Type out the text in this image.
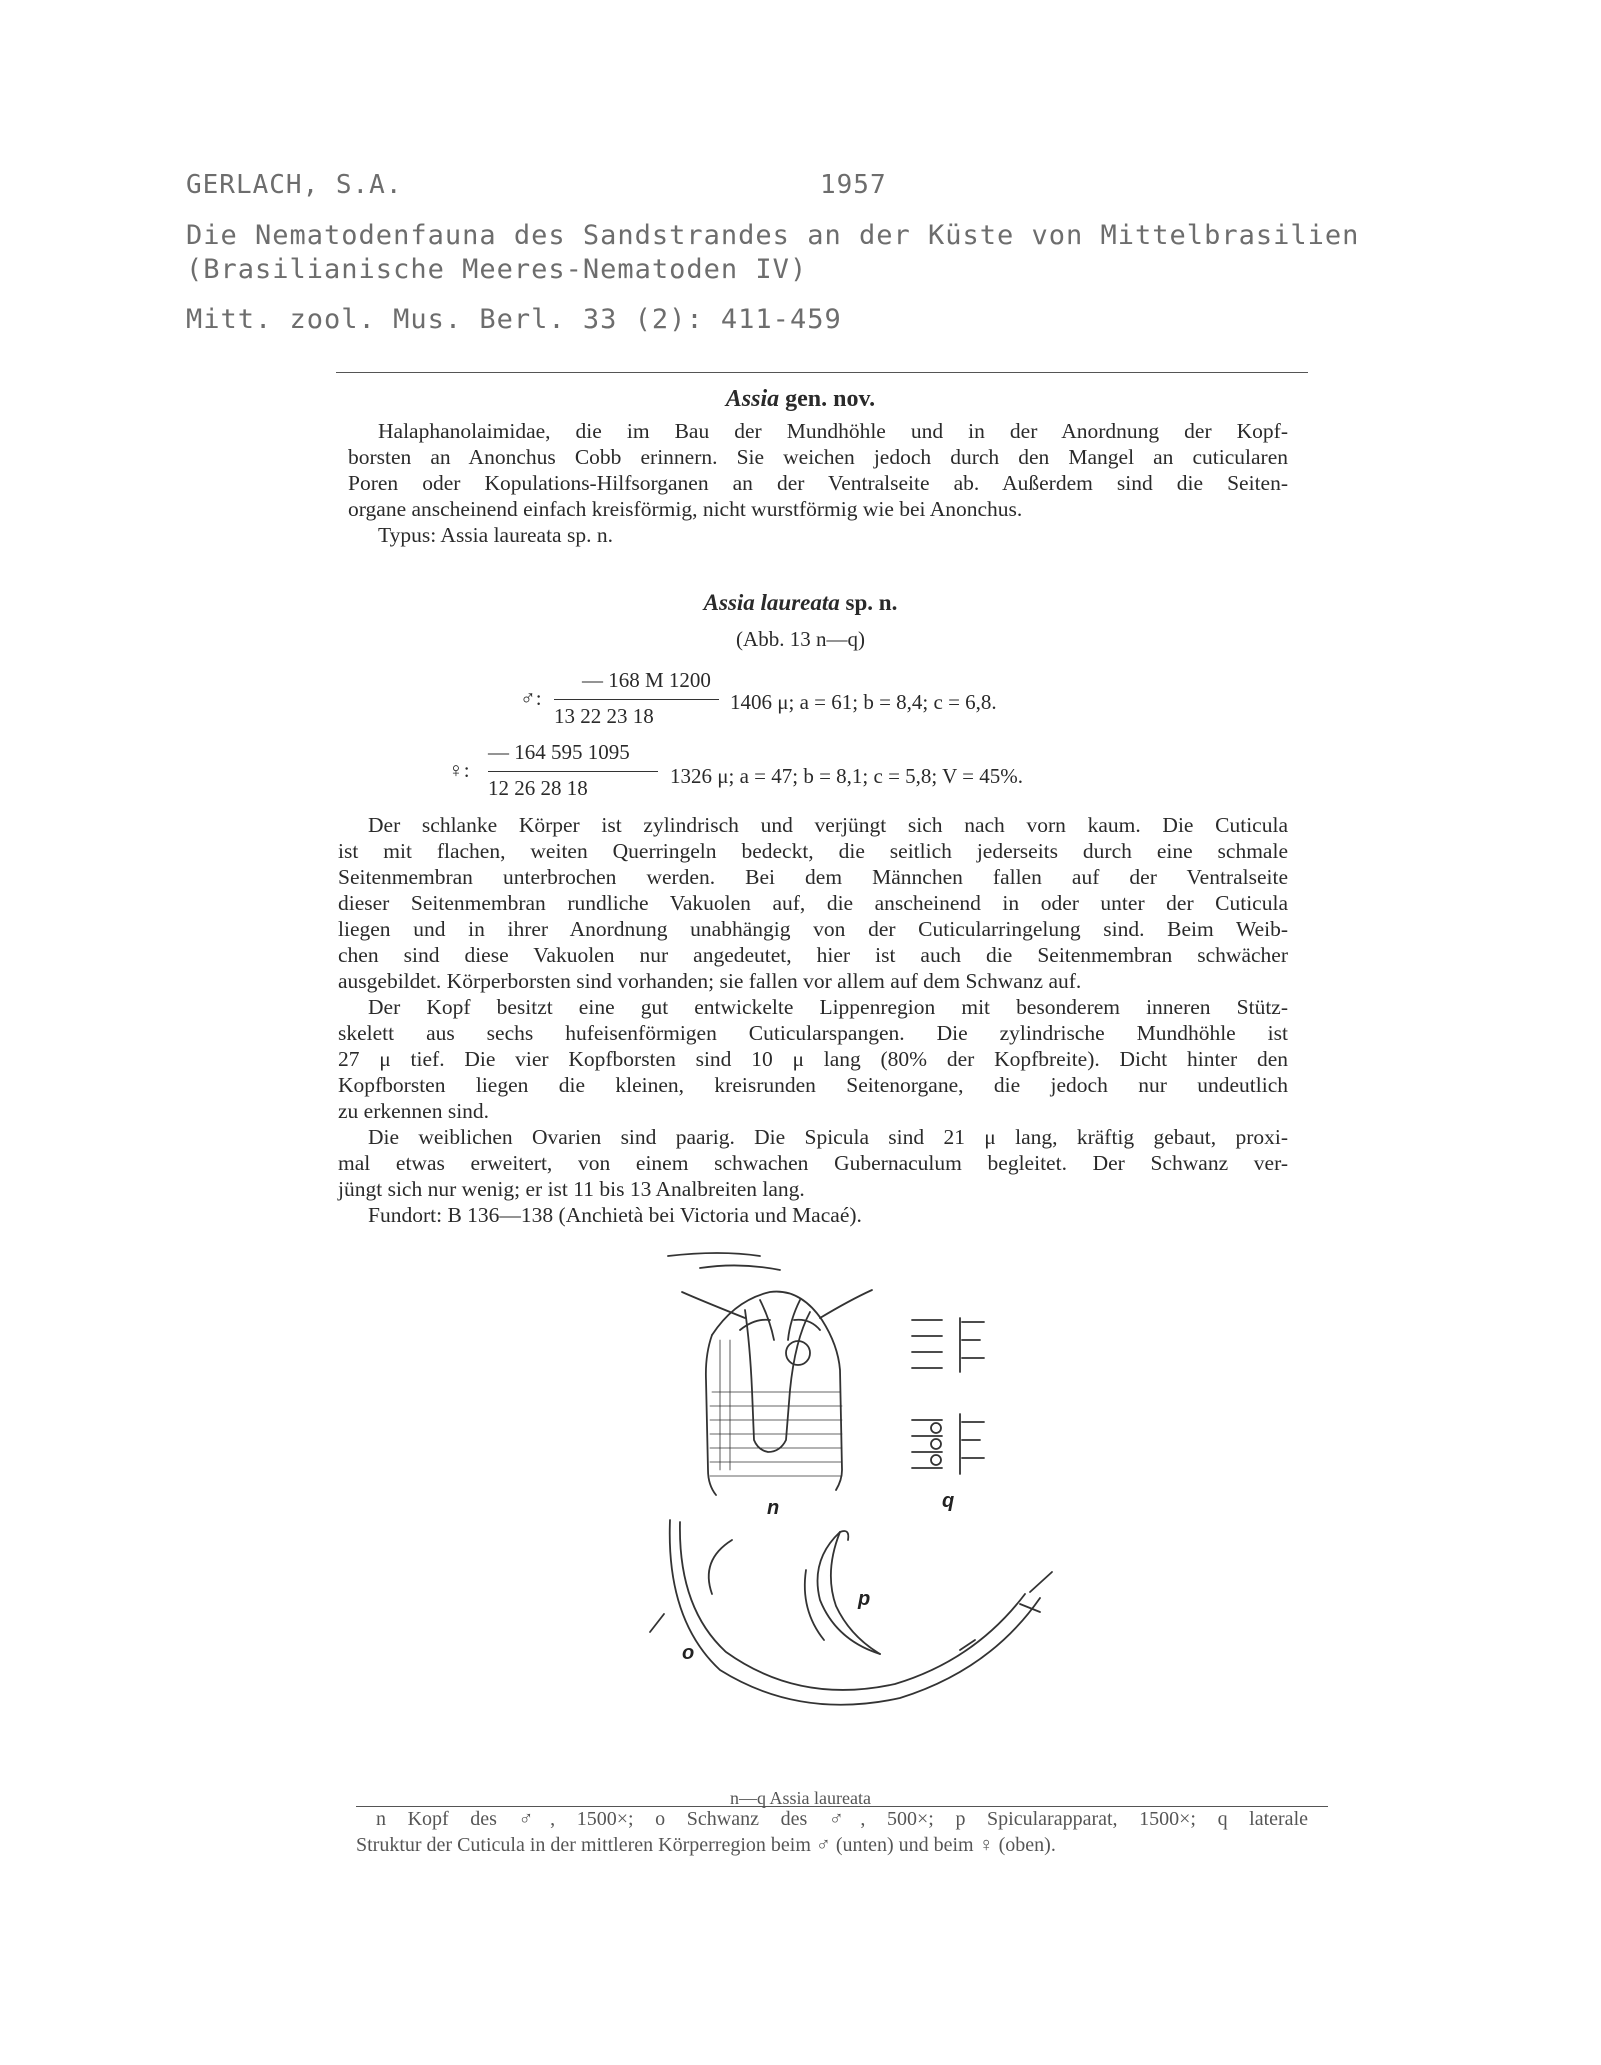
GERLACH, S.A.	1957
Die Nematodenfauna des Sandstrandes an der Küste von Mittelbrasilien
(Brasilianische Meeres-Nematoden IV)
Mitt. zool. Mus. Berl. 33 (2): 411-459
Assia gen. nov.
Halaphanolaimidae, die im Bau der Mundhöhle und in der Anordnung der Kopf-
borsten an Anonchus Cobb erinnern. Sie weichen jedoch durch den Mangel an cuticularen
Poren oder Kopulations-Hilfsorganen an der Ventralseite ab. Außerdem sind die Seiten-
organe anscheinend einfach kreisförmig, nicht wurstförmig wie bei Anonchus.
Typus: Assia laureata sp. n.
Assia laureata sp. n.
(Abb. 13 n—q)
♂:
— 168 M 1200
13 22 23 18
1406 μ; a = 61; b = 8,4; c = 6,8.
♀:
— 164 595 1095
12 26 28 18	1326 μ; a = 47; b = 8,1; c = 5,8; V = 45%.
Der schlanke Körper ist zylindrisch und verjüngt sich nach vorn kaum. Die Cuticula
ist mit flachen, weiten Querringeln bedeckt, die seitlich jederseits durch eine schmale
Seitenmembran unterbrochen werden. Bei dem Männchen fallen auf der Ventralseite
dieser Seitenmembran rundliche Vakuolen auf, die anscheinend in oder unter der Cuticula
liegen und in ihrer Anordnung unabhängig von der Cuticularringelung sind. Beim Weib-
chen sind diese Vakuolen nur angedeutet, hier ist auch die Seitenmembran schwächer
ausgebildet. Körperborsten sind vorhanden; sie fallen vor allem auf dem Schwanz auf.
Der Kopf besitzt eine gut entwickelte Lippenregion mit besonderem inneren Stütz-
skelett aus sechs hufeisenförmigen Cuticularspangen. Die zylindrische Mundhöhle ist
27 μ tief. Die vier Kopfborsten sind 10 μ lang (80% der Kopfbreite). Dicht hinter den
Kopfborsten liegen die kleinen, kreisrunden Seitenorgane, die jedoch nur undeutlich
zu erkennen sind.
Die weiblichen Ovarien sind paarig. Die Spicula sind 21 μ lang, kräftig gebaut, proxi-
mal etwas erweitert, von einem schwachen Gubernaculum begleitet. Der Schwanz ver-
jüngt sich nur wenig; er ist 11 bis 13 Analbreiten lang.
Fundort: B 136—138 (Anchietà bei Victoria und Macaé).
n	q
p
o
n—q Assia laureata
n Kopf des ♂, 1500×; o Schwanz des ♂, 500×; p Spicularapparat, 1500×; q laterale
Struktur der Cuticula in der mittleren Körperregion beim ♂ (unten) und beim ♀ (oben).
